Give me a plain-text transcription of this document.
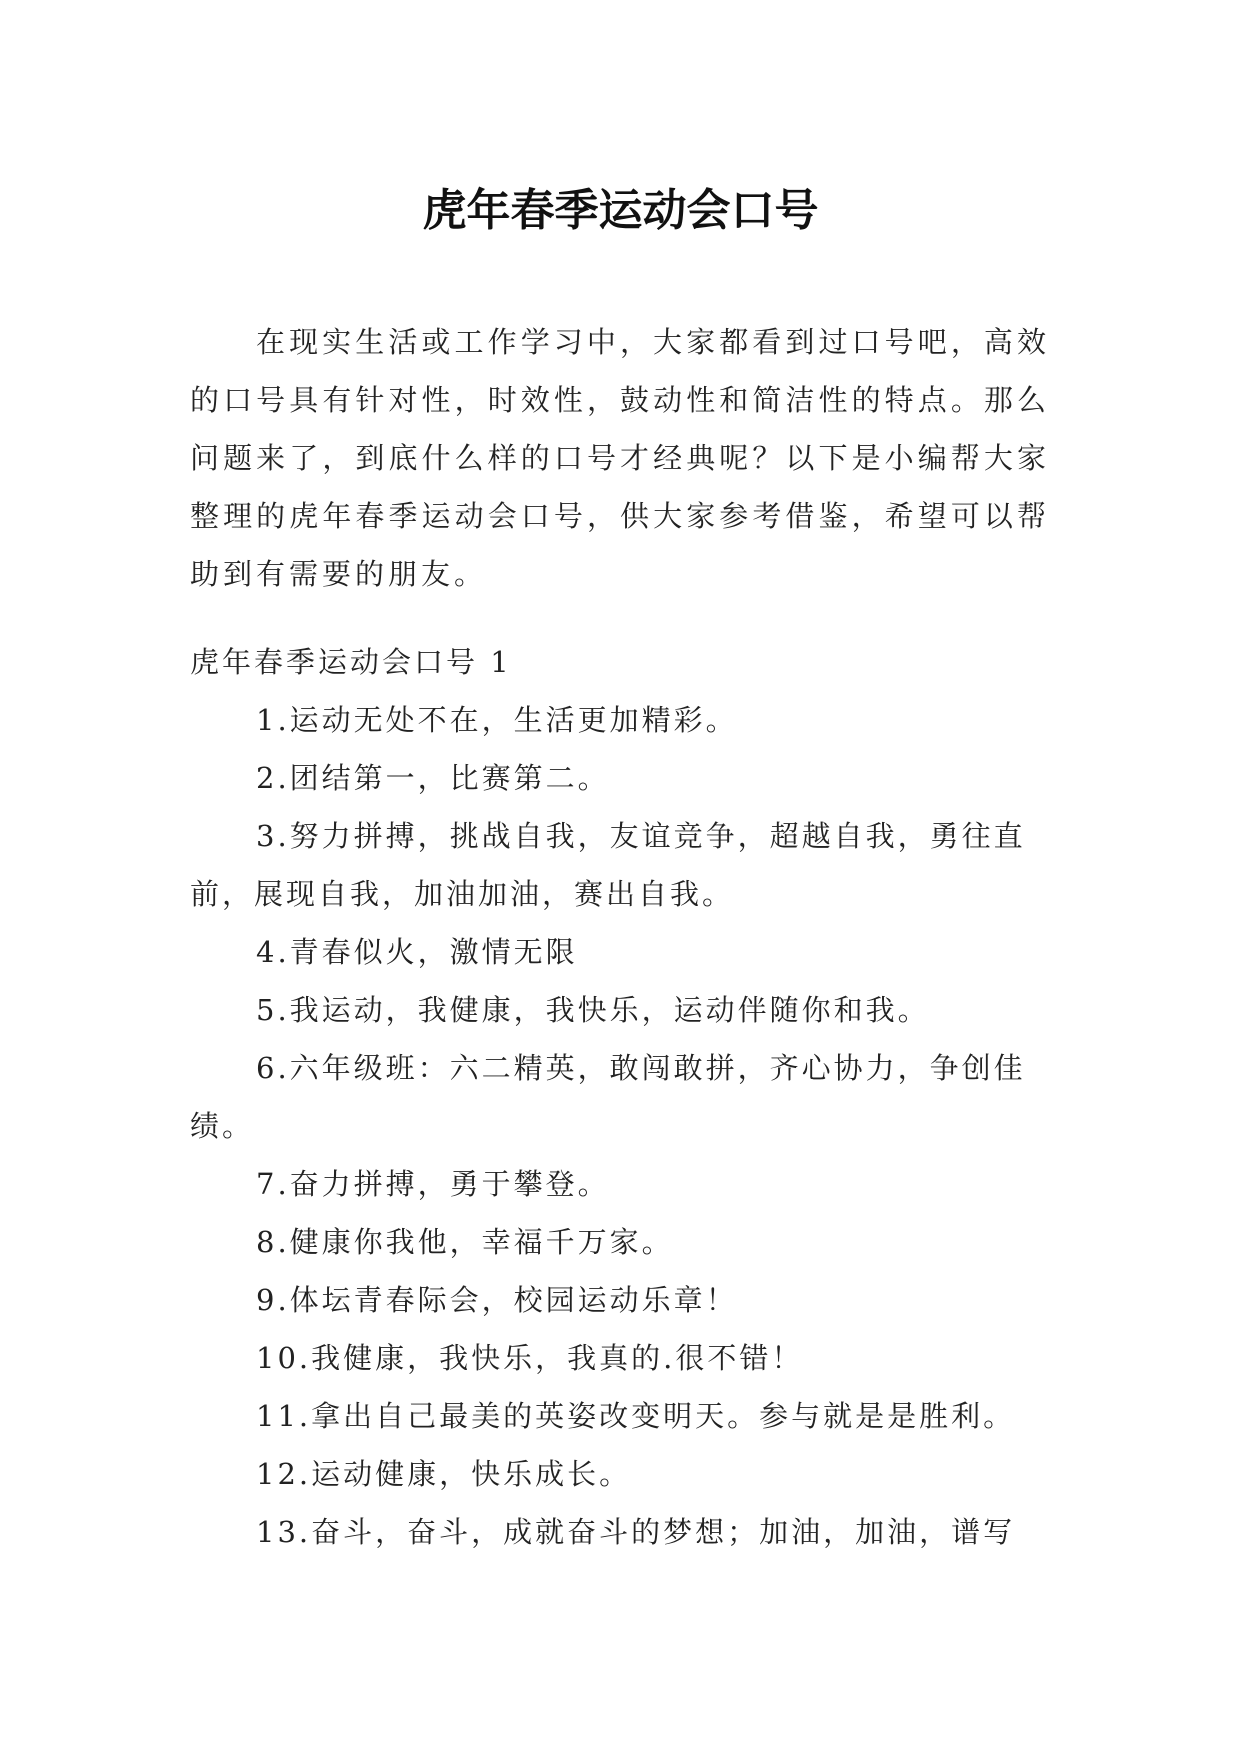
虎年春季运动会口号

在现实生活或工作学习中，大家都看到过口号吧，高效的口号具有针对性，时效性，鼓动性和简洁性的特点。那么问题来了，到底什么样的口号才经典呢？以下是小编帮大家整理的虎年春季运动会口号，供大家参考借鉴，希望可以帮助到有需要的朋友。

虎年春季运动会口号 1
1.运动无处不在，生活更加精彩。
2.团结第一，比赛第二。
3.努力拼搏，挑战自我，友谊竞争，超越自我，勇往直前，展现自我，加油加油，赛出自我。
4.青春似火，激情无限
5.我运动，我健康，我快乐，运动伴随你和我。
6.六年级班：六二精英，敢闯敢拼，齐心协力，争创佳绩。
7.奋力拼搏，勇于攀登。
8.健康你我他，幸福千万家。
9.体坛青春际会，校园运动乐章！
10.我健康，我快乐，我真的.很不错！
11.拿出自己最美的英姿改变明天。参与就是是胜利。
12.运动健康，快乐成长。
13.奋斗，奋斗，成就奋斗的梦想；加油，加油，谱写
